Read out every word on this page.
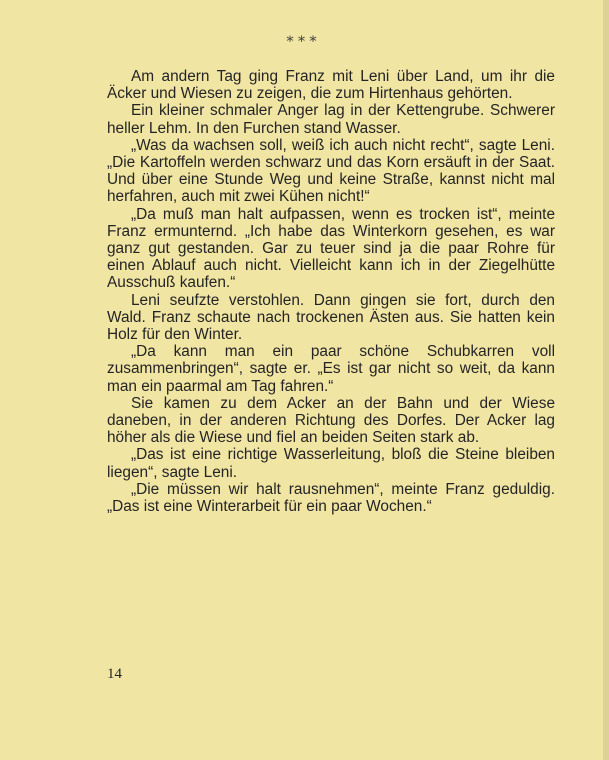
* * *

Am andern Tag ging Franz mit Leni über Land, um ihr die Äcker und Wiesen zu zeigen, die zum Hirtenhaus gehörten.

Ein kleiner schmaler Anger lag in der Kettengrube. Schwerer heller Lehm. In den Furchen stand Wasser.

„Was da wachsen soll, weiß ich auch nicht recht“, sagte Leni. „Die Kartoffeln werden schwarz und das Korn ersäuft in der Saat. Und über eine Stunde Weg und keine Straße, kannst nicht mal herfahren, auch mit zwei Kühen nicht!“

„Da muß man halt aufpassen, wenn es trocken ist“, meinte Franz ermunternd. „Ich habe das Winterkorn gesehen, es war ganz gut gestanden. Gar zu teuer sind ja die paar Rohre für einen Ablauf auch nicht. Vielleicht kann ich in der Ziegelhütte Ausschuß kaufen.“

Leni seufzte verstohlen. Dann gingen sie fort, durch den Wald. Franz schaute nach trockenen Ästen aus. Sie hatten kein Holz für den Winter.

„Da kann man ein paar schöne Schubkarren voll zusammenbringen“, sagte er. „Es ist gar nicht so weit, da kann man ein paarmal am Tag fahren.“

Sie kamen zu dem Acker an der Bahn und der Wiese daneben, in der anderen Richtung des Dorfes. Der Acker lag höher als die Wiese und fiel an beiden Seiten stark ab.

„Das ist eine richtige Wasserleitung, bloß die Steine bleiben liegen“, sagte Leni.

„Die müssen wir halt rausnehmen“, meinte Franz geduldig. „Das ist eine Winterarbeit für ein paar Wochen.“

14
